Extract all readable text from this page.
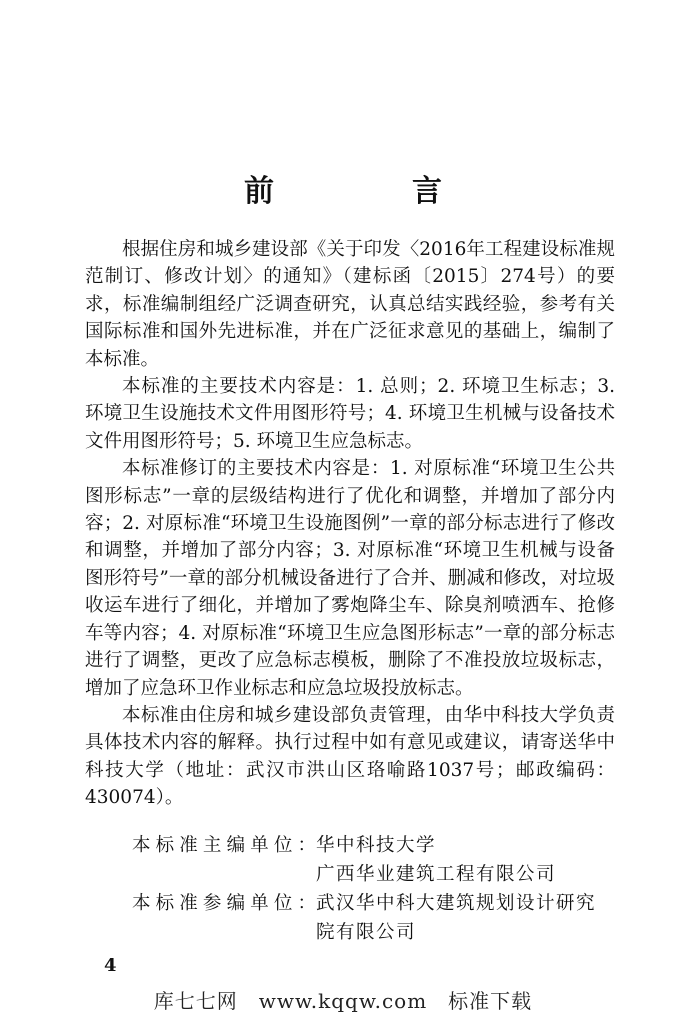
前　言

根据住房和城乡建设部《关于印发〈2016年工程建设标准规范制订、修改计划〉的通知》（建标函〔2015〕274号）的要求，标准编制组经广泛调查研究，认真总结实践经验，参考有关国际标准和国外先进标准，并在广泛征求意见的基础上，编制了本标准。

本标准的主要技术内容是：1. 总则；2. 环境卫生标志；3. 环境卫生设施技术文件用图形符号；4. 环境卫生机械与设备技术文件用图形符号；5. 环境卫生应急标志。

本标准修订的主要技术内容是：1. 对原标准“环境卫生公共图形标志”一章的层级结构进行了优化和调整，并增加了部分内容；2. 对原标准“环境卫生设施图例”一章的部分标志进行了修改和调整，并增加了部分内容；3. 对原标准“环境卫生机械与设备图形符号”一章的部分机械设备进行了合并、删减和修改，对垃圾收运车进行了细化，并增加了雾炮降尘车、除臭剂喷洒车、抢修车等内容；4. 对原标准“环境卫生应急图形标志”一章的部分标志进行了调整，更改了应急标志模板，删除了不准投放垃圾标志，增加了应急环卫作业标志和应急垃圾投放标志。

本标准由住房和城乡建设部负责管理，由华中科技大学负责具体技术内容的解释。执行过程中如有意见或建议，请寄送华中科技大学（地址：武汉市洪山区珞喻路1037号；邮政编码：430074）。

本标准主编单位： 华中科技大学
广西华业建筑工程有限公司
本标准参编单位： 武汉华中科大建筑规划设计研究
院有限公司
4
库七七网　www.kqqw.com　标准下载
